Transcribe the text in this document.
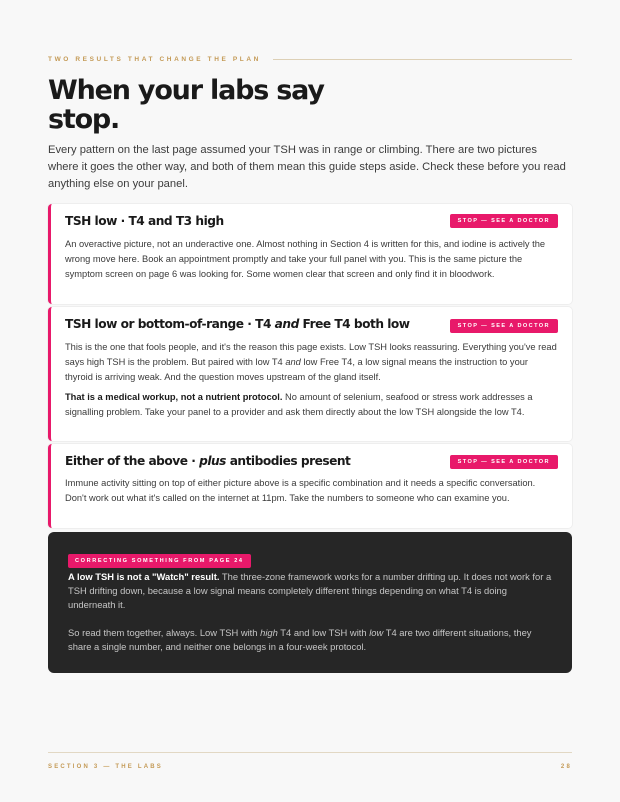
TWO RESULTS THAT CHANGE THE PLAN
When your labs say stop.

Every pattern on the last page assumed your TSH was in range or climbing. There are two pictures where it goes the other way, and both of them mean this guide steps aside. Check these before you read anything else on your panel.

TSH low · T4 and T3 high	STOP — SEE A DOCTOR

An overactive picture, not an underactive one. Almost nothing in Section 4 is written for this, and iodine is actively the wrong move here. Book an appointment promptly and take your full panel with you. This is the same picture the symptom screen on page 6 was looking for. Some women clear that screen and only find it in bloodwork.

TSH low or bottom-of-range · T4 and Free T4 both low	STOP — SEE A DOCTOR

This is the one that fools people, and it's the reason this page exists. Low TSH looks reassuring. Everything you've read says high TSH is the problem. But paired with low T4 and low Free T4, a low signal means the instruction to your thyroid is arriving weak. And the question moves upstream of the gland itself.

That is a medical workup, not a nutrient protocol. No amount of selenium, seafood or stress work addresses a signalling problem. Take your panel to a provider and ask them directly about the low TSH alongside the low T4.

Either of the above · plus antibodies present	STOP — SEE A DOCTOR

Immune activity sitting on top of either picture above is a specific combination and it needs a specific conversation. Don't work out what it's called on the internet at 11pm. Take the numbers to someone who can examine you.

CORRECTING SOMETHING FROM PAGE 24

A low TSH is not a "Watch" result. The three-zone framework works for a number drifting up. It does not work for a TSH drifting down, because a low signal means completely different things depending on what T4 is doing underneath it.

So read them together, always. Low TSH with high T4 and low TSH with low T4 are two different situations, they share a single number, and neither one belongs in a four-week protocol.

SECTION 3 — THE LABS	28
